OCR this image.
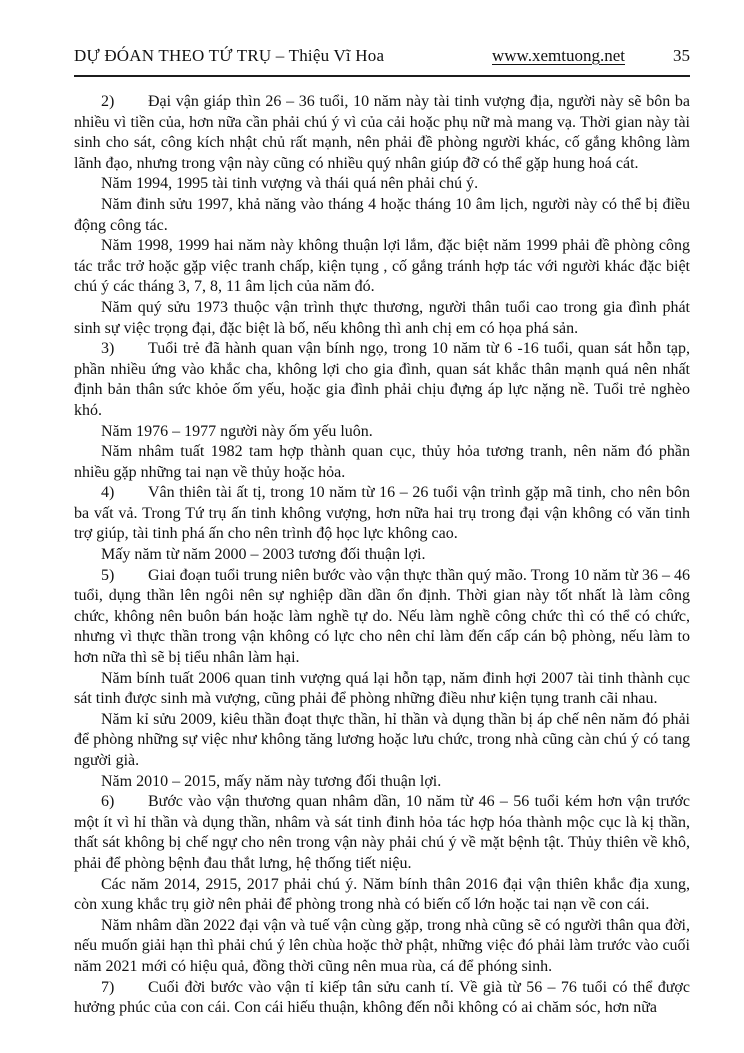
DỰ ĐÓAN THEO TỨ TRỤ – Thiệu Vĩ Hoa	www.xemtuong.net	35

2) Đại vận giáp thìn 26 – 36 tuổi, 10 năm này tài tinh vượng địa, người này sẽ bôn ba nhiều vì tiền của, hơn nữa cần phải chú ý vì của cải hoặc phụ nữ mà mang vạ. Thời gian này tài sinh cho sát, công kích nhật chủ rất mạnh, nên phải đề phòng người khác, cố gắng không làm lãnh đạo, nhưng trong vận này cũng có nhiều quý nhân giúp đỡ có thể gặp hung hoá cát.

Năm 1994, 1995 tài tinh vượng và thái quá nên phải chú ý.

Năm đinh sửu 1997, khả năng vào tháng 4 hoặc tháng 10 âm lịch, người này có thể bị điều động công tác.

Năm 1998, 1999 hai năm này không thuận lợi lắm, đặc biệt năm 1999 phải đề phòng công tác trắc trở hoặc gặp việc tranh chấp, kiện tụng , cố gắng tránh hợp tác với người khác đặc biệt chú ý các tháng 3, 7, 8, 11 âm lịch của năm đó.

Năm quý sửu 1973 thuộc vận trình thực thương, người thân tuổi cao trong gia đình phát sinh sự việc trọng đại, đặc biệt là bố, nếu không thì anh chị em có họa phá sản.

3) Tuổi trẻ đã hành quan vận bính ngọ, trong 10 năm từ 6 -16 tuổi, quan sát hỗn tạp, phần nhiều ứng vào khắc cha, không lợi cho gia đình, quan sát khắc thân mạnh quá nên nhất định bản thân sức khỏe ốm yếu, hoặc gia đình phải chịu đựng áp lực nặng nề. Tuổi trẻ nghèo khó.

Năm 1976 – 1977 người này ốm yếu luôn.

Năm nhâm tuất 1982 tam hợp thành quan cục, thủy hỏa tương tranh, nên năm đó phần nhiều gặp những tai nạn về thủy hoặc hỏa.

4) Vân thiên tài ất tị, trong 10 năm từ 16 – 26 tuổi vận trình gặp mã tinh, cho nên bôn ba vất vả. Trong Tứ trụ ấn tinh không vượng, hơn nữa hai trụ trong đại vận không có văn tinh trợ giúp, tài tinh phá ấn cho nên trình độ học lực không cao.

Mấy năm từ năm 2000 – 2003 tương đối thuận lợi.

5) Giai đoạn tuổi trung niên bước vào vận thực thần quý mão. Trong 10 năm từ 36 – 46 tuổi, dụng thần lên ngôi nên sự nghiệp dần dần ổn định. Thời gian này tốt nhất là làm công chức, không nên buôn bán hoặc làm nghề tự do. Nếu làm nghề công chức thì có thể có chức, nhưng vì thực thần trong vận không có lực cho nên chỉ làm đến cấp cán bộ phòng, nếu làm to hơn nữa thì sẽ bị tiểu nhân làm hại.

Năm bính tuất 2006 quan tinh vượng quá lại hỗn tạp, năm đinh hợi 2007 tài tinh thành cục sát tinh được sinh mà vượng, cũng phải để phòng những điều như kiện tụng tranh cãi nhau.

Năm kỉ sửu 2009, kiêu thần đoạt thực thần, hỉ thần và dụng thần bị áp chế nên năm đó phải để phòng những sự việc như không tăng lương hoặc lưu chức, trong nhà cũng càn chú ý có tang người già.

Năm 2010 – 2015, mấy năm này tương đối thuận lợi.

6) Bước vào vận thương quan nhâm dần, 10 năm từ 46 – 56 tuổi kém hơn vận trước một ít vì hỉ thần và dụng thần, nhâm và sát tinh đinh hỏa tác hợp hóa thành mộc cục là kị thần, thất sát không bị chế ngự cho nên trong vận này phải chú ý về mặt bệnh tật. Thủy thiên về khô, phải để phòng bệnh đau thắt lưng, hệ thống tiết niệu.

Các năm 2014, 2915, 2017 phải chú ý. Năm bính thân 2016 đại vận thiên khắc địa xung, còn xung khắc trụ giờ nên phải để phòng trong nhà có biến cố lớn hoặc tai nạn về con cái.

Năm nhâm dần 2022 đại vận và tuế vận cùng gặp, trong nhà cũng sẽ có người thân qua đời, nếu muốn giải hạn thì phải chú ý lên chùa hoặc thờ phật, những việc đó phải làm trước vào cuối năm 2021 mới có hiệu quả, đồng thời cũng nên mua rùa, cá để phóng sinh.

7) Cuối đời bước vào vận tỉ kiếp tân sửu canh tí. Về già từ 56 – 76 tuổi có thể được hưởng phúc của con cái. Con cái hiếu thuận, không đến nỗi không có ai chăm sóc, hơn nữa
